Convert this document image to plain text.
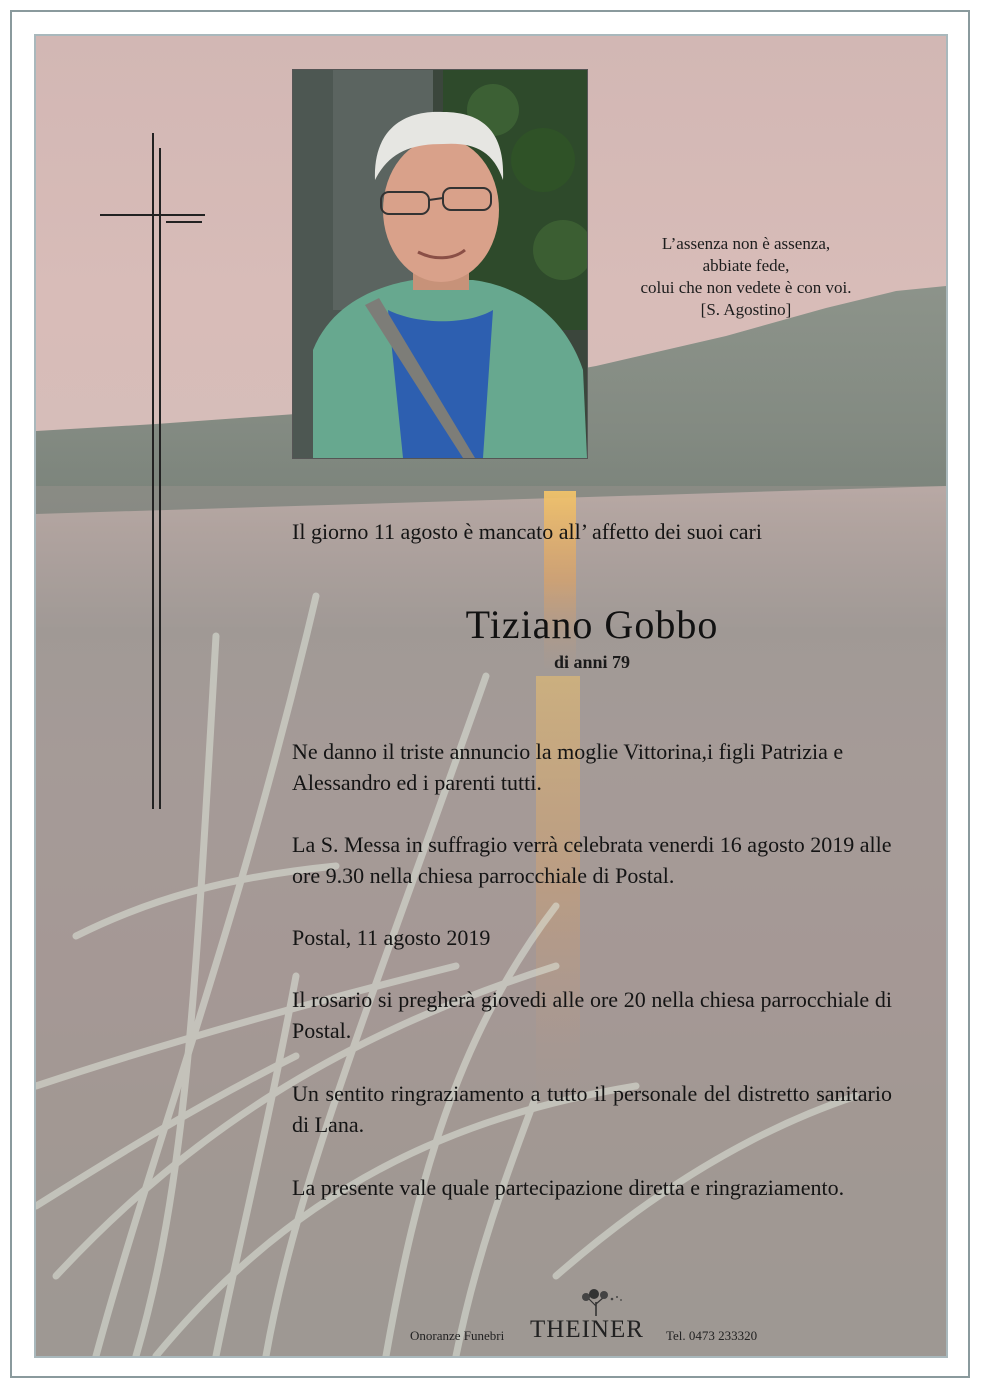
L’assenza non è assenza,
abbiate fede,
colui che non vedete è con voi.
[S. Agostino]
Il giorno 11 agosto è mancato all’ affetto dei suoi cari
Tiziano Gobbo
di anni 79
Ne danno il triste annuncio la moglie Vittorina,i figli Patrizia e Alessandro ed i parenti tutti.
La S. Messa in suffragio verrà celebrata venerdi 16 agosto 2019 alle ore 9.30 nella chiesa parrocchiale di Postal.
Postal, 11 agosto 2019
Il rosario si pregherà giovedi alle ore 20 nella chiesa parrocchiale di Postal.
Un sentito ringraziamento a tutto il personale del distretto sanitario di Lana.
La presente vale quale partecipazione diretta e ringraziamento.
Onoranze Funebri THEINER Tel. 0473 233320
